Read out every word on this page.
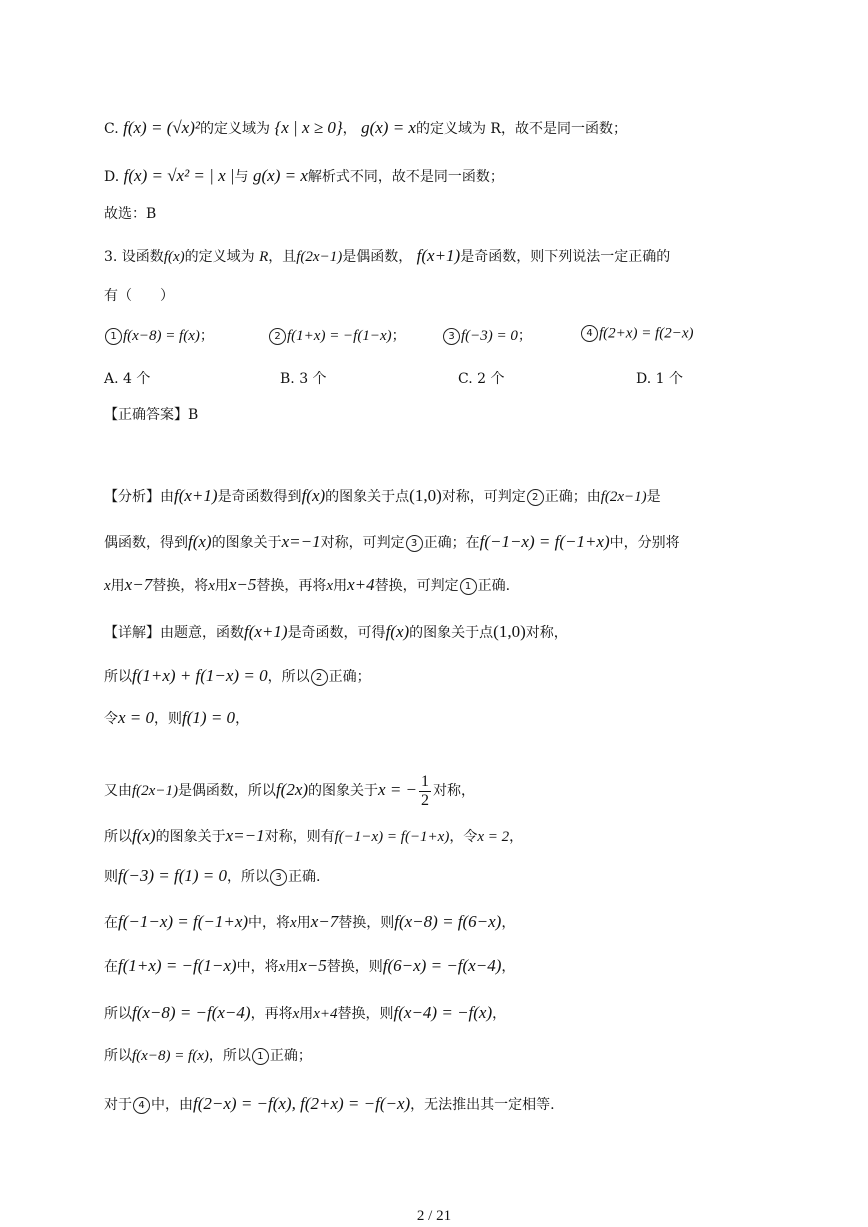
C. f(x) = (√x)²的定义域为 {x | x ≥ 0}， g(x) = x的定义域为 R，故不是同一函数；
D. f(x) = √x² = | x |与 g(x) = x解析式不同，故不是同一函数；
故选：B
3. 设函数f(x)的定义域为 R，且f(2x−1)是偶函数， f(x+1)是奇函数，则下列说法一定正确的
有（　　）
1 f(x−8) = f(x)；	2 f(1+x) = −f(1−x)；	3 f(−3) = 0；	4 f(2+x) = f(2−x)
A. 4 个	B. 3 个	C. 2 个	D. 1 个
【正确答案】B
【分析】由f(x+1)是奇函数得到f(x)的图象关于点(1,0)对称，可判定 2 正确；由f(2x−1)是
偶函数，得到f(x)的图象关于x=−1对称，可判定 3 正确；在f(−1−x) = f(−1+x)中，分别将
x用x−7替换，将x用x−5替换，再将x用x+4替换，可判定 1 正确.
【详解】由题意，函数f(x+1)是奇函数，可得f(x)的图象关于点(1,0)对称，
所以f(1+x) + f(1−x) = 0，所以 2 正确；
令x = 0，则f(1) = 0，
又由f(2x−1)是偶函数，所以f(2x)的图象关于x = − $\frac{1}{2}$ 对称，
所以f(x)的图象关于x=−1对称，则有f(−1−x) = f(−1+x)，令x = 2，
则f(−3) = f(1) = 0，所以 3 正确.
在f(−1−x) = f(−1+x)中，将x用x−7替换，则f(x−8) = f(6−x)，
在f(1+x) = −f(1−x)中，将x用x−5替换，则f(6−x) = −f(x−4)，
所以f(x−8) = −f(x−4)，再将x用x+4替换，则f(x−4) = −f(x)，
所以f(x−8) = f(x)，所以 1 正确；
对于 4 中，由f(2−x) = −f(x), f(2+x) = −f(−x)，无法推出其一定相等.
2 / 21
